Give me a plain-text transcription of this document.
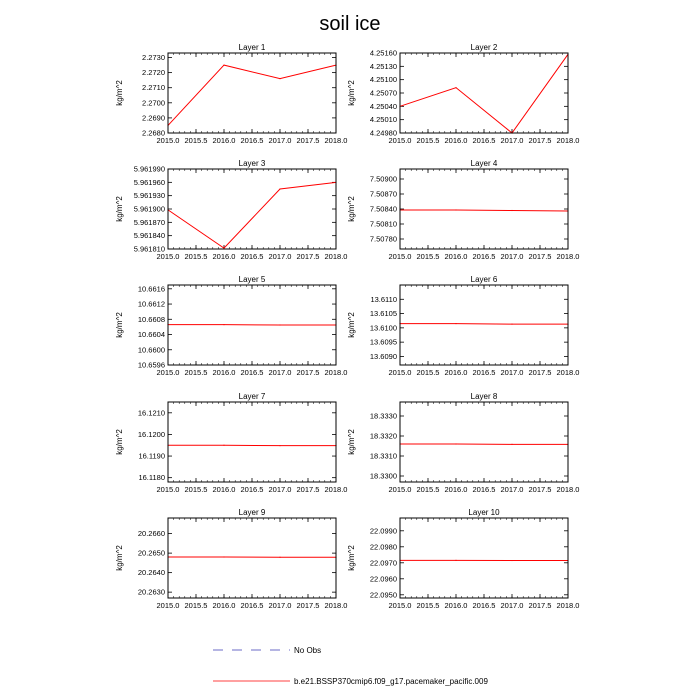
soil ice
Layer 1
2015.0 2015.5 2016.0 2016.5 2017.0 2017.5 2018.0
2.2680
2.2690
2.2700
2.2710
2.2720
2.2730
kg/m^2
Layer 2
2015.0 2015.5 2016.0 2016.5 2017.0 2017.5 2018.0
4.24980
4.25010
4.25040
4.25070
4.25100
4.25130
4.25160
kg/m^2
Layer 3
2015.0 2015.5 2016.0 2016.5 2017.0 2017.5 2018.0
5.961810
5.961840
5.961870
5.961900
5.961930
5.961960
5.961990
kg/m^2
Layer 4
2015.0 2015.5 2016.0 2016.5 2017.0 2017.5 2018.0
7.50780
7.50810
7.50840
7.50870
7.50900
kg/m^2
Layer 5
2015.0 2015.5 2016.0 2016.5 2017.0 2017.5 2018.0
10.6596
10.6600
10.6604
10.6608
10.6612
10.6616
kg/m^2
Layer 6
2015.0 2015.5 2016.0 2016.5 2017.0 2017.5 2018.0
13.6090
13.6095
13.6100
13.6105
13.6110
kg/m^2
Layer 7
2015.0 2015.5 2016.0 2016.5 2017.0 2017.5 2018.0
16.1180
16.1190
16.1200
16.1210
kg/m^2
Layer 8
2015.0 2015.5 2016.0 2016.5 2017.0 2017.5 2018.0
18.3300
18.3310
18.3320
18.3330
kg/m^2
Layer 9
2015.0 2015.5 2016.0 2016.5 2017.0 2017.5 2018.0
20.2630
20.2640
20.2650
20.2660
kg/m^2
Layer 10
2015.0 2015.5 2016.0 2016.5 2017.0 2017.5 2018.0
22.0950
22.0960
22.0970
22.0980
22.0990
kg/m^2
No Obs
b.e21.BSSP370cmip6.f09_g17.pacemaker_pacific.009
